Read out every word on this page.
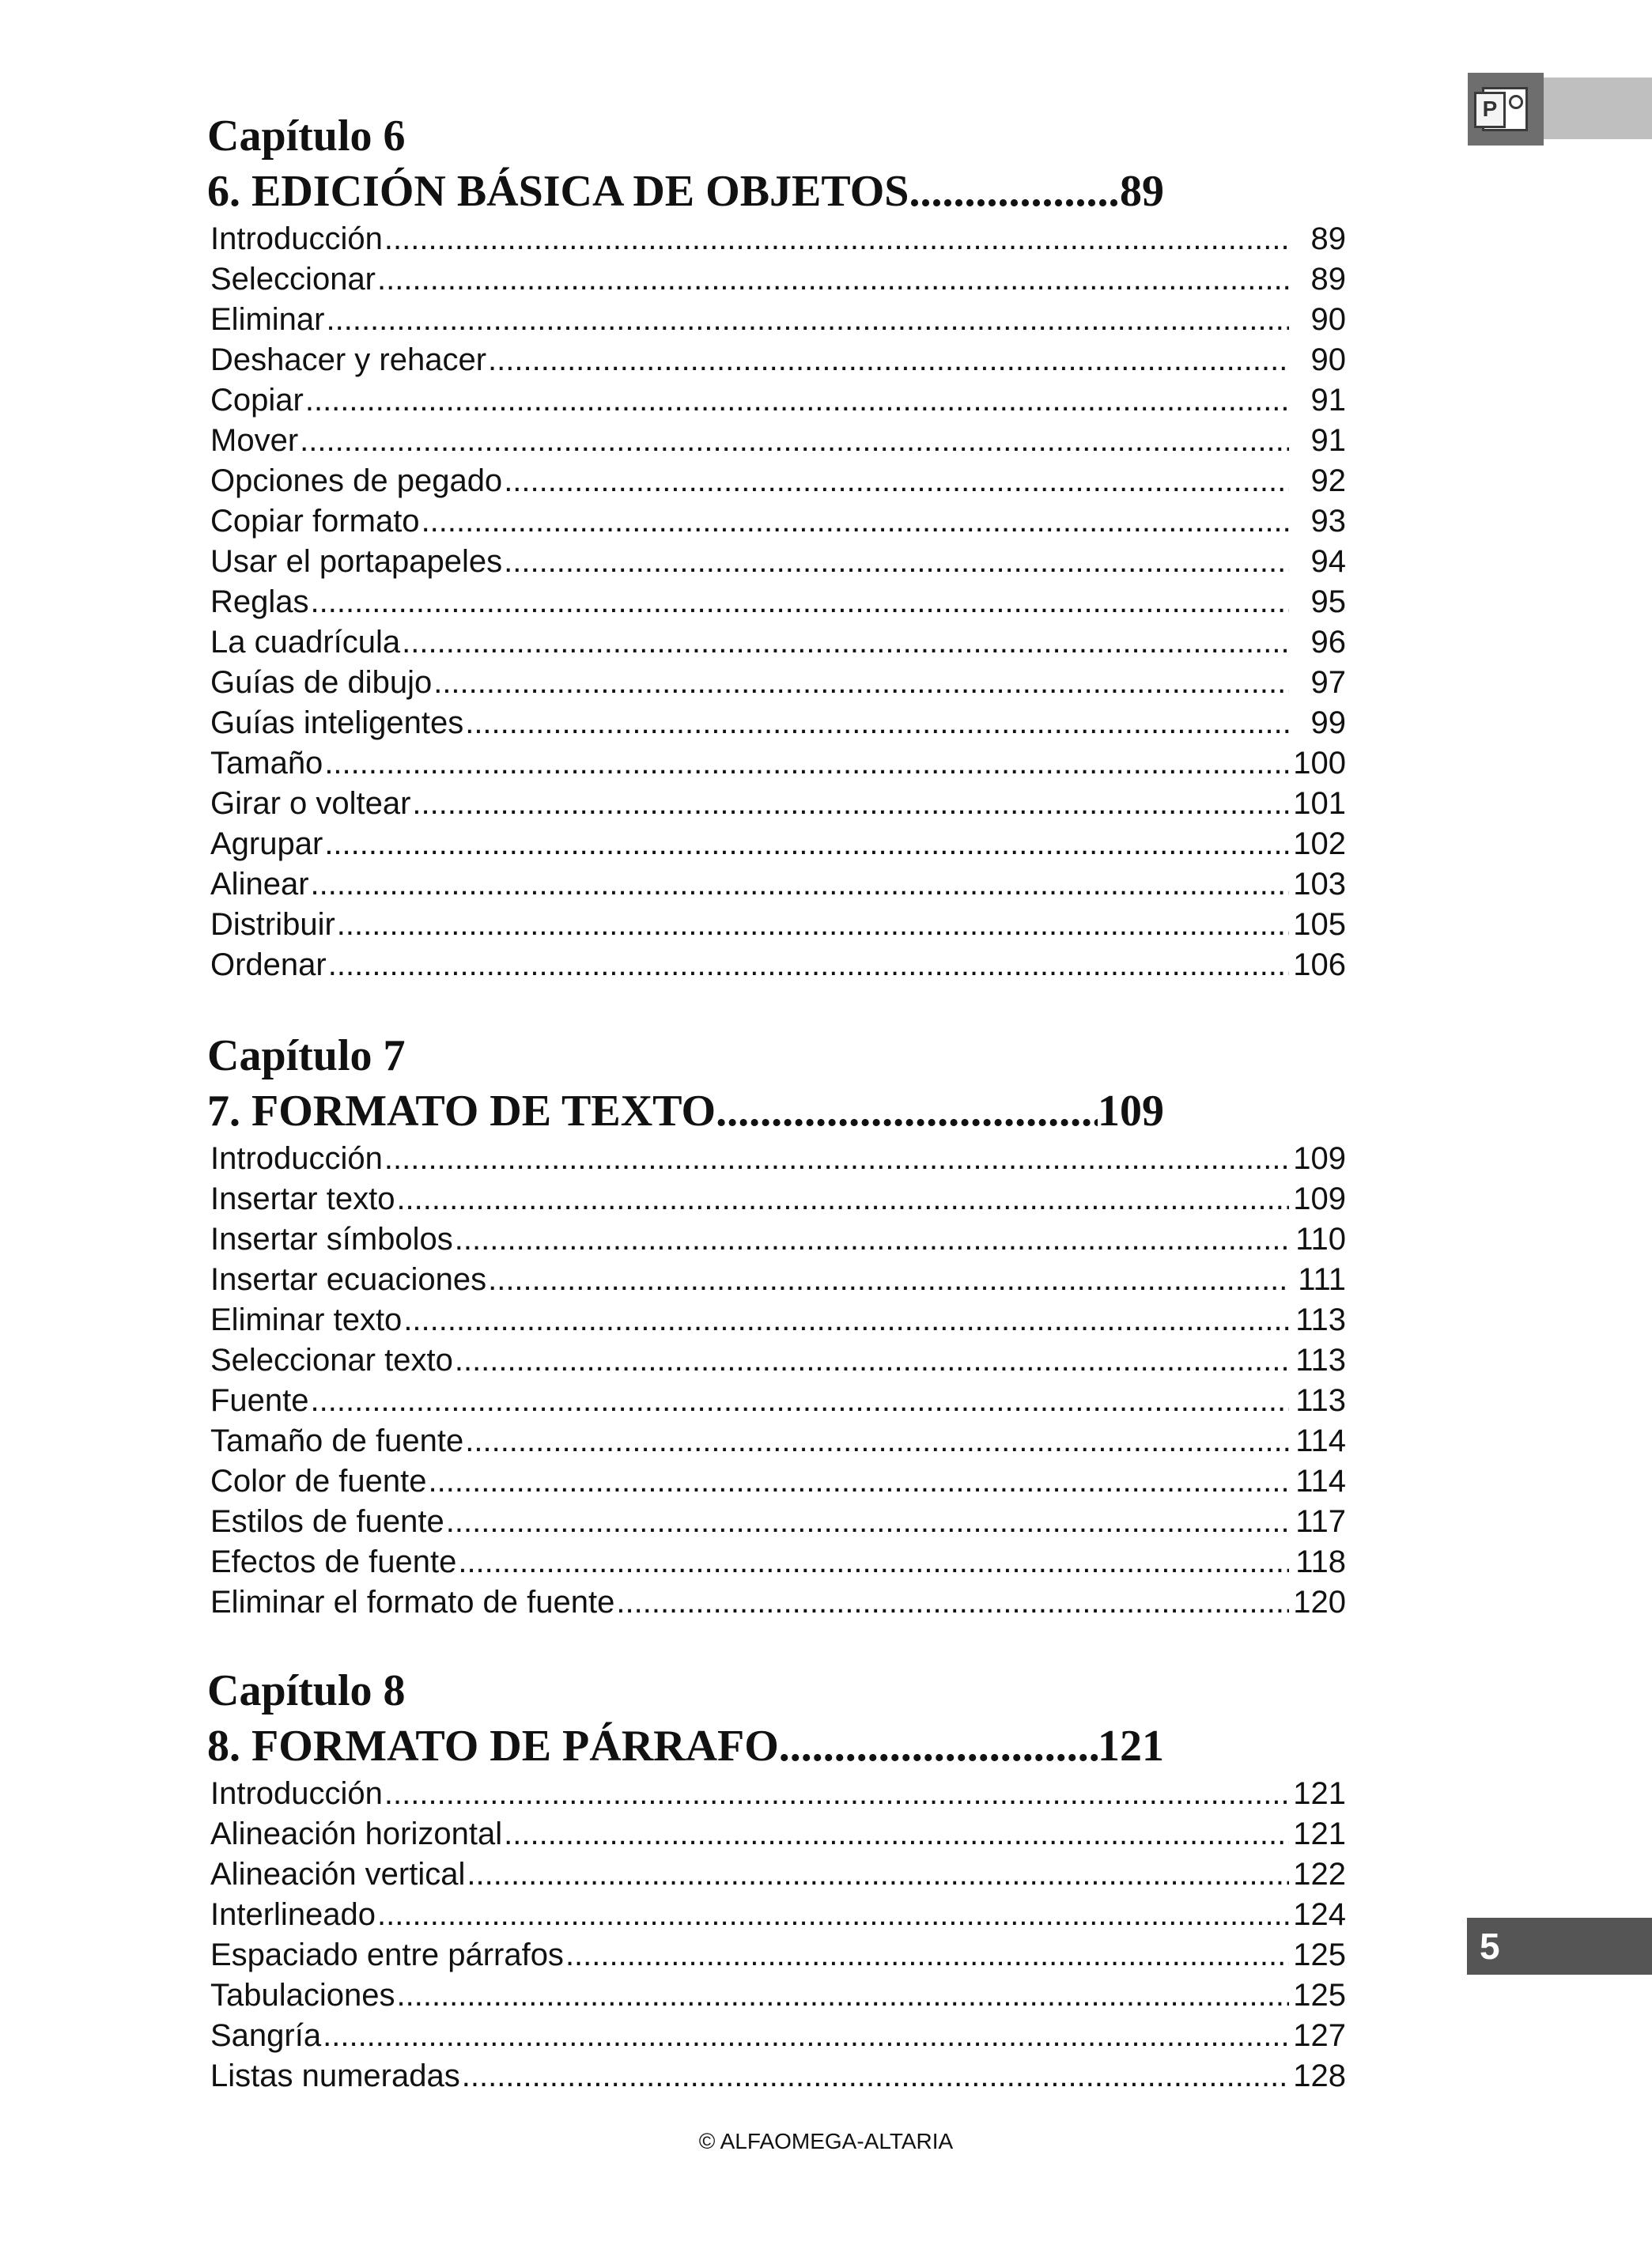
P
Capítulo 6
6. EDICIÓN BÁSICA DE OBJETOS .....	89
Introducción .....	89
Seleccionar .....	89
Eliminar .....	90
Deshacer y rehacer .....	90
Copiar .....	91
Mover .....	91
Opciones de pegado .....	92
Copiar formato .....	93
Usar el portapapeles .....	94
Reglas .....	95
La cuadrícula .....	96
Guías de dibujo .....	97
Guías inteligentes .....	99
Tamaño .....	100
Girar o voltear .....	101
Agrupar .....	102
Alinear .....	103
Distribuir .....	105
Ordenar .....	106
Capítulo 7
7. FORMATO DE TEXTO .....	109
Introducción .....	109
Insertar texto .....	109
Insertar símbolos .....	110
Insertar ecuaciones .....	111
Eliminar texto .....	113
Seleccionar texto .....	113
Fuente .....	113
Tamaño de fuente .....	114
Color de fuente .....	114
Estilos de fuente .....	117
Efectos de fuente .....	118
Eliminar el formato de fuente .....	120
Capítulo 8
8. FORMATO DE PÁRRAFO .....	121
Introducción .....	121
Alineación horizontal .....	121
Alineación vertical .....	122
Interlineado .....	124
Espaciado entre párrafos .....	125
Tabulaciones .....	125
Sangría .....	127
Listas numeradas .....	128
5
© ALFAOMEGA-ALTARIA
